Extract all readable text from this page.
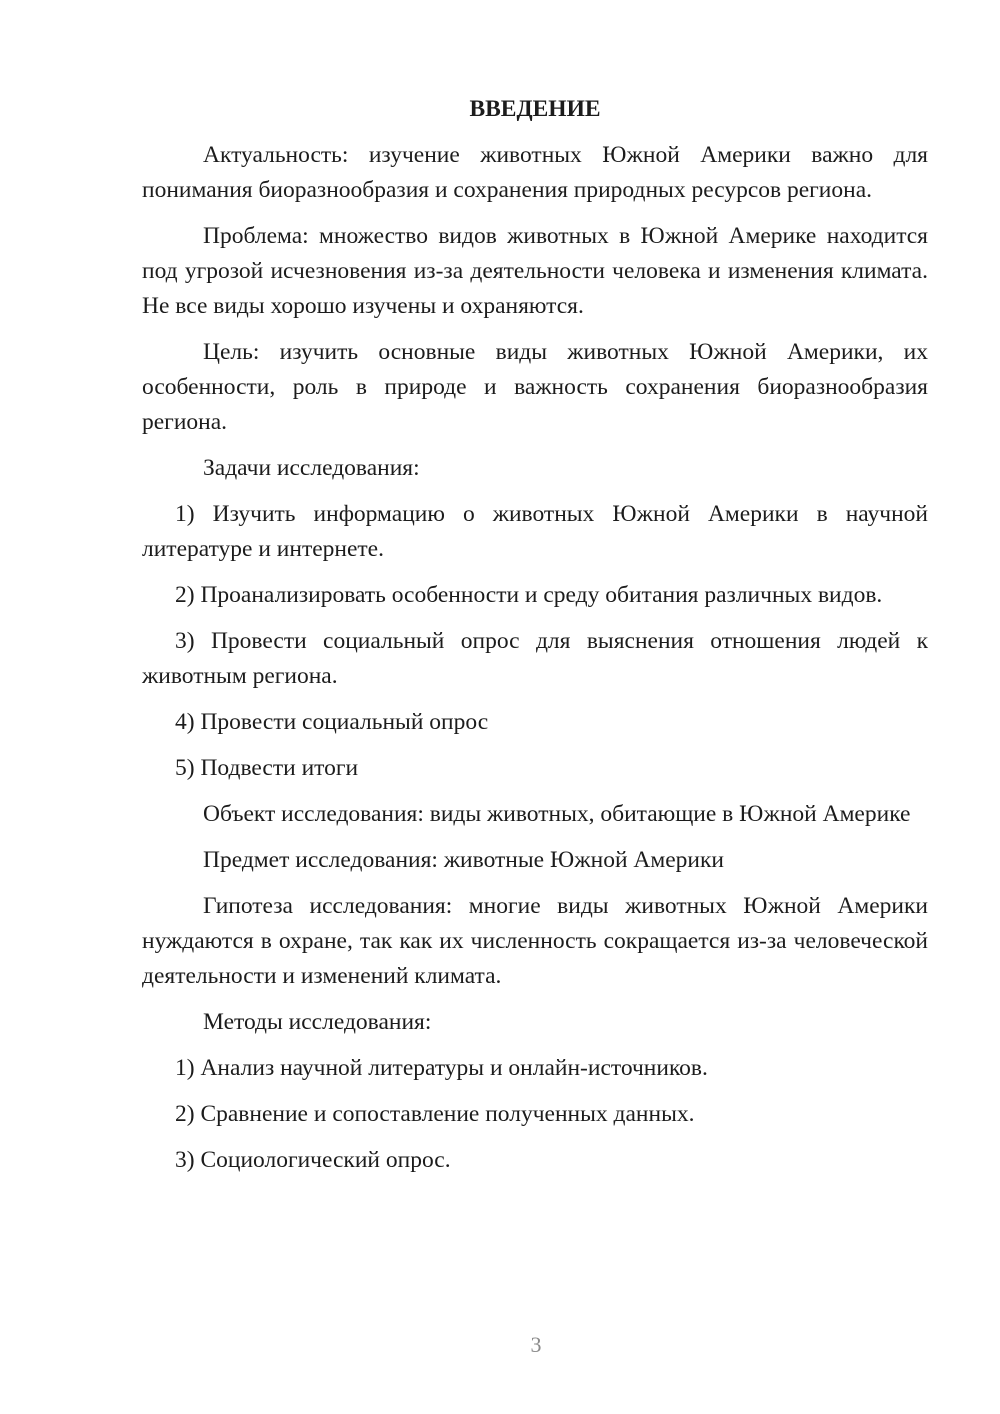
ВВЕДЕНИЕ
Актуальность: изучение животных Южной Америки важно для понимания биоразнообразия и сохранения природных ресурсов региона.
Проблема: множество видов животных в Южной Америке находится под угрозой исчезновения из-за деятельности человека и изменения климата. Не все виды хорошо изучены и охраняются.
Цель: изучить основные виды животных Южной Америки, их особенности, роль в природе и важность сохранения биоразнообразия региона.
Задачи исследования:
1) Изучить информацию о животных Южной Америки в научной литературе и интернете.
2) Проанализировать особенности и среду обитания различных видов.
3) Провести социальный опрос для выяснения отношения людей к животным региона.
4) Провести социальный опрос
5) Подвести итоги
Объект исследования: виды животных, обитающие в Южной Америке
Предмет исследования: животные Южной Америки
Гипотеза исследования: многие виды животных Южной Америки нуждаются в охране, так как их численность сокращается из-за человеческой деятельности и изменений климата.
Методы исследования:
1) Анализ научной литературы и онлайн-источников.
2) Сравнение и сопоставление полученных данных.
3) Социологический опрос.
3
